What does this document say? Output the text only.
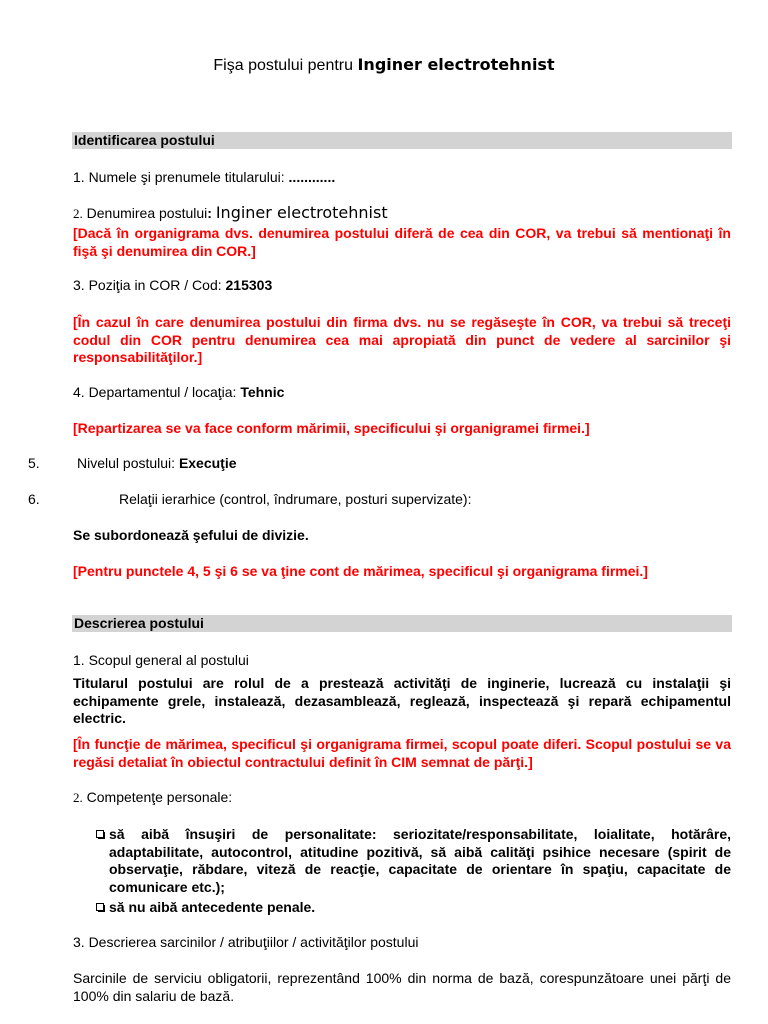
Fişa postului pentru Inginer electrotehnist
Identificarea postului
1. Numele şi prenumele titularului: ............
2. Denumirea postului: Inginer electrotehnist
[Dacă în organigrama dvs. denumirea postului diferă de cea din COR, va trebui să mentionaţi în fişă şi denumirea din COR.]
3. Poziţia in COR / Cod: 215303
[În cazul în care denumirea postului din firma dvs. nu se regăseşte în COR, va trebui să treceţi codul din COR pentru denumirea cea mai apropiată din punct de vedere al sarcinilor şi responsabilităţilor.]
4. Departamentul / locaţia: Tehnic
[Repartizarea se va face conform mărimii, specificului şi organigramei firmei.]
5.	Nivelul postului: Execuţie
6.	Relaţii ierarhice (control, îndrumare, posturi supervizate):
Se subordonează şefului de divizie.
[Pentru punctele 4, 5 şi 6 se va ţine cont de mărimea, specificul şi organigrama firmei.]
Descrierea postului
1. Scopul general al postului
Titularul postului are rolul de a prestează activităţi de inginerie, lucrează cu instalaţii şi echipamente grele, instalează, dezasamblează, reglează, inspectează şi repară echipamentul electric.
[În funcţie de mărimea, specificul şi organigrama firmei, scopul poate diferi. Scopul postului se va regăsi detaliat în obiectul contractului definit în CIM semnat de părţi.]
2. Competenţe personale:
să aibă însuşiri de personalitate: seriozitate/responsabilitate, loialitate, hotărâre, adaptabilitate, autocontrol, atitudine pozitivă, să aibă calităţi psihice necesare (spirit de observaţie, răbdare, viteză de reacţie, capacitate de orientare în spaţiu, capacitate de comunicare etc.);
să nu aibă antecedente penale.
3. Descrierea sarcinilor / atribuţiilor / activităţilor postului
Sarcinile de serviciu obligatorii, reprezentând 100% din norma de bază, corespunzătoare unei părţi de 100% din salariu de bază.
